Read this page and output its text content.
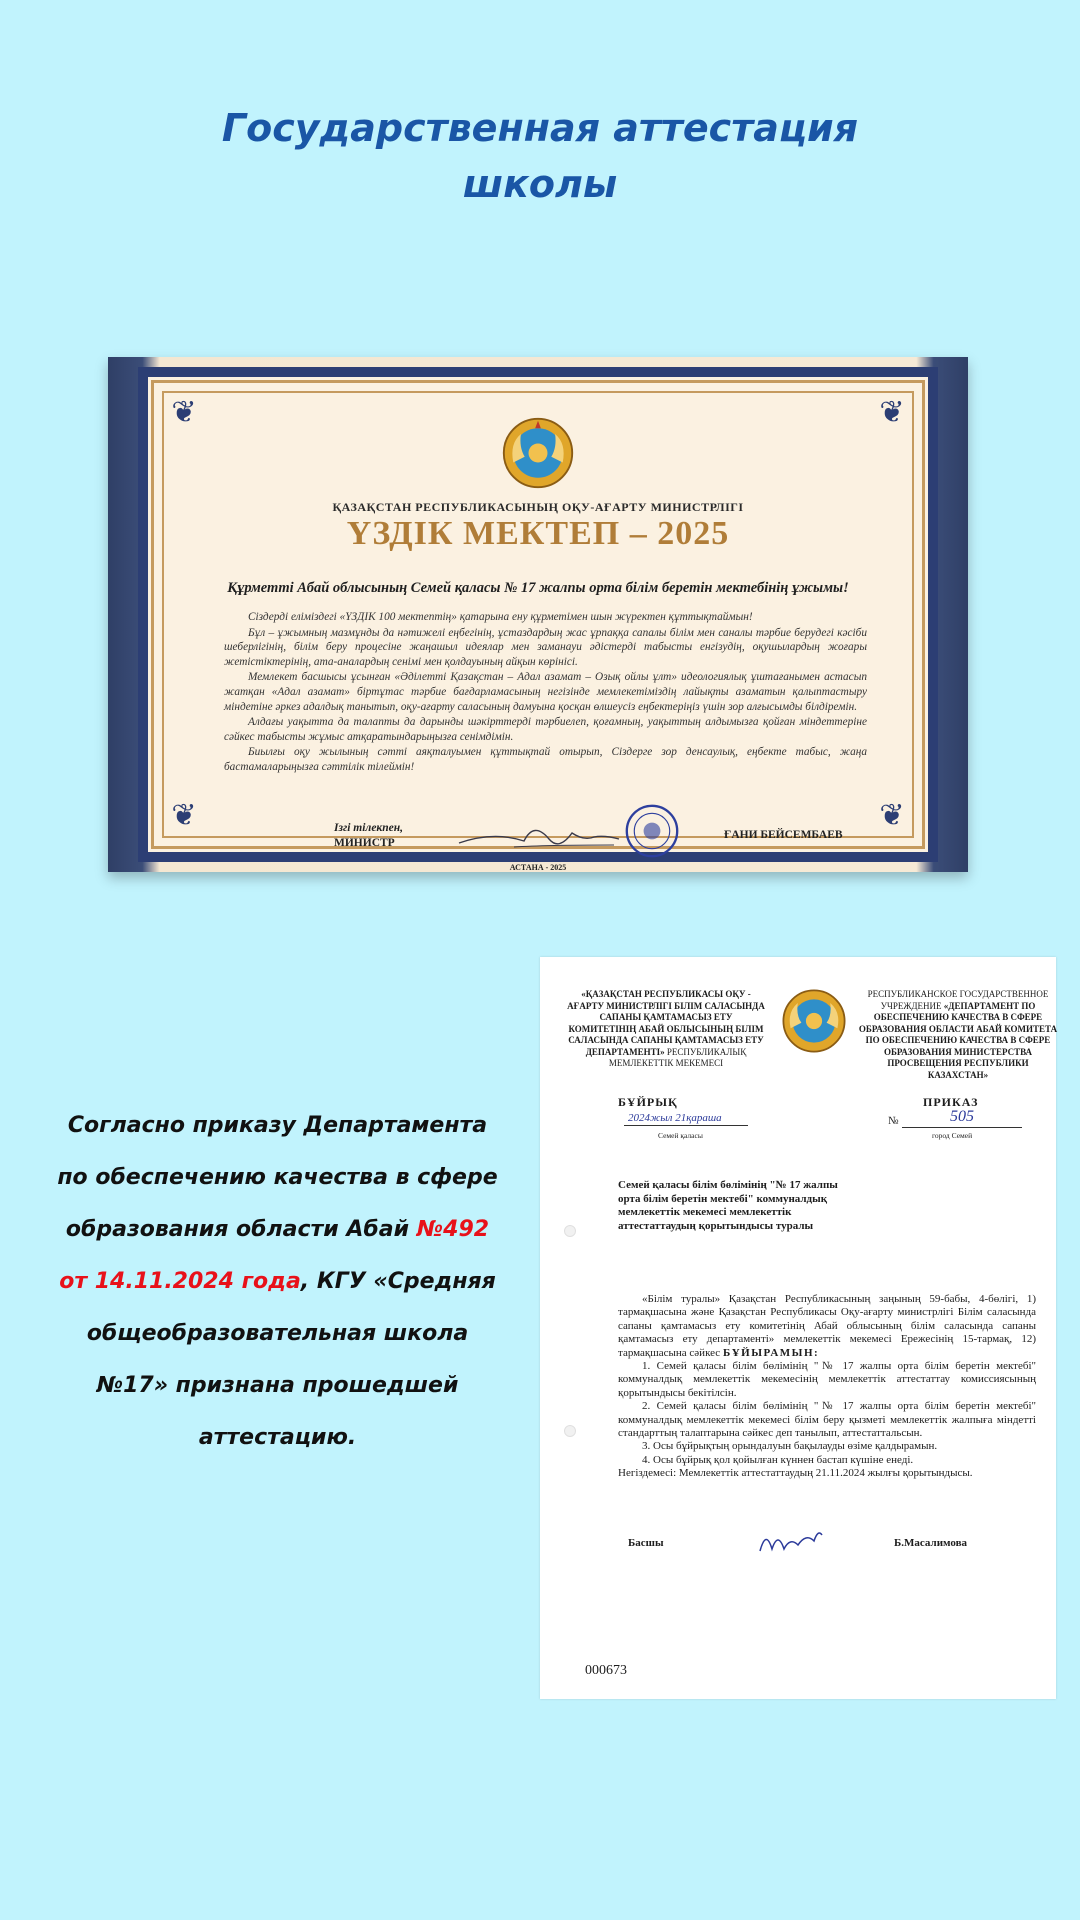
Государственная аттестация
школы
❦	❦
❦	❦
ҚАЗАҚСТАН РЕСПУБЛИКАСЫНЫҢ ОҚУ-АҒАРТУ МИНИСТРЛІГІ
ҮЗДІК МЕКТЕП – 2025
Құрметті Абай облысының Семей қаласы № 17 жалпы орта білім беретін мектебінің ұжымы!

Сіздерді еліміздегі «ҮЗДІК 100 мектептің» қатарына ену құрметімен шын жүректен құттықтаймын!

Бұл – ұжымның мазмұнды да нәтижелі еңбегінің, ұстаздардың жас ұрпаққа сапалы білім мен саналы тәрбие берудегі кәсіби шеберлігінің, білім беру процесіне жаңашыл идеялар мен заманауи әдістерді табысты енгізудің, оқушылардың жоғары жетістіктерінің, ата-аналардың сенімі мен қолдауының айқын көрінісі.

Мемлекет басшысы ұсынған «Әділетті Қазақстан – Адал азамат – Озық ойлы ұлт» идеологиялық ұштағанымен астасып жатқан «Адал азамат» біртұтас тәрбие бағдарламасының негізінде мемлекетіміздің лайықты азаматын қалыптастыру міндетіне әркез адалдық танытып, оқу-ағарту саласының дамуына қосқан өлшеусіз еңбектеріңіз үшін зор алғысымды білдіремін.

Алдағы уақытта да талапты да дарынды шәкірттерді тәрбиелеп, қоғамның, уақыттың алдымызға қойған міндеттеріне сәйкес табысты жұмыс атқаратындарыңызға сенімдімін.

Биылғы оқу жылының сәтті аяқталуымен құттықтай отырып, Сіздерге зор денсаулық, еңбекте табыс, жаңа бастамаларыңызға сәттілік тілеймін!

Ізгі тілекпен,
МИНИСТР
ҒАНИ БЕЙСЕМБАЕВ
АСТАНА - 2025
Согласно приказу Департамента по обеспечению качества в сфере образования области Абай №492
от 14.11.2024 года, КГУ «Средняя общеобразовательная школа №17» признана прошедшей аттестацию.
«ҚАЗАҚСТАН РЕСПУБЛИКАСЫ ОҚУ - АҒАРТУ МИНИСТРЛІГІ БІЛІМ САЛАСЫНДА САПАНЫ ҚАМТАМАСЫЗ ЕТУ КОМИТЕТІНІҢ АБАЙ ОБЛЫСЫНЫҢ БІЛІМ САЛАСЫНДА САПАНЫ ҚАМТАМАСЫЗ ЕТУ ДЕПАРТАМЕНТІ» РЕСПУБЛИКАЛЫҚ МЕМЛЕКЕТТІК МЕКЕМЕСІ
РЕСПУБЛИКАНСКОЕ ГОСУДАРСТВЕННОЕ УЧРЕЖДЕНИЕ «ДЕПАРТАМЕНТ ПО ОБЕСПЕЧЕНИЮ КАЧЕСТВА В СФЕРЕ ОБРАЗОВАНИЯ ОБЛАСТИ АБАЙ КОМИТЕТА ПО ОБЕСПЕЧЕНИЮ КАЧЕСТВА В СФЕРЕ ОБРАЗОВАНИЯ МИНИСТЕРСТВА ПРОСВЕЩЕНИЯ РЕСПУБЛИКИ КАЗАХСТАН»
БҰЙРЫҚ	ПРИКАЗ
2024жыл 21қарашa
Семей қаласы
№	505
город Семей
Семей қаласы білім бөлімінің "№ 17 жалпы орта білім беретін мектебі" коммуналдық мемлекеттік мекемесі мемлекеттік аттестаттаудың қорытындысы туралы

«Білім туралы» Қазақстан Республикасының заңының 59-бабы, 4-бөлігі, 1) тармақшасына және Қазақстан Республикасы Оқу-ағарту министрлігі Білім саласында сапаны қамтамасыз ету комитетінің Абай облысының білім саласында сапаны қамтамасыз ету департаменті» мемлекеттік мекемесі Ережесінің 15-тармақ, 12) тармақшасына сәйкес БҰЙЫРАМЫН:

1. Семей қаласы білім бөлімінің "№ 17 жалпы орта білім беретін мектебі" коммуналдық мемлекеттік мекемесінің мемлекеттік аттестаттау комиссиясының қорытындысы бекітілсін.

2. Семей қаласы білім бөлімінің "№ 17 жалпы орта білім беретін мектебі" коммуналдық мемлекеттік мекемесі білім беру қызметі мемлекеттік жалпыға міндетті стандарттың талаптарына сәйкес деп танылып, аттестаттальсын.

3. Осы бұйрықтың орындалуын бақылауды өзіме қалдырамын.

4. Осы бұйрық қол қойылған күннен бастап күшіне енеді.

Негіздемесі: Мемлекеттік аттестаттаудың 21.11.2024 жылғы қорытындысы.

Басшы	Б.Масалимова
000673
